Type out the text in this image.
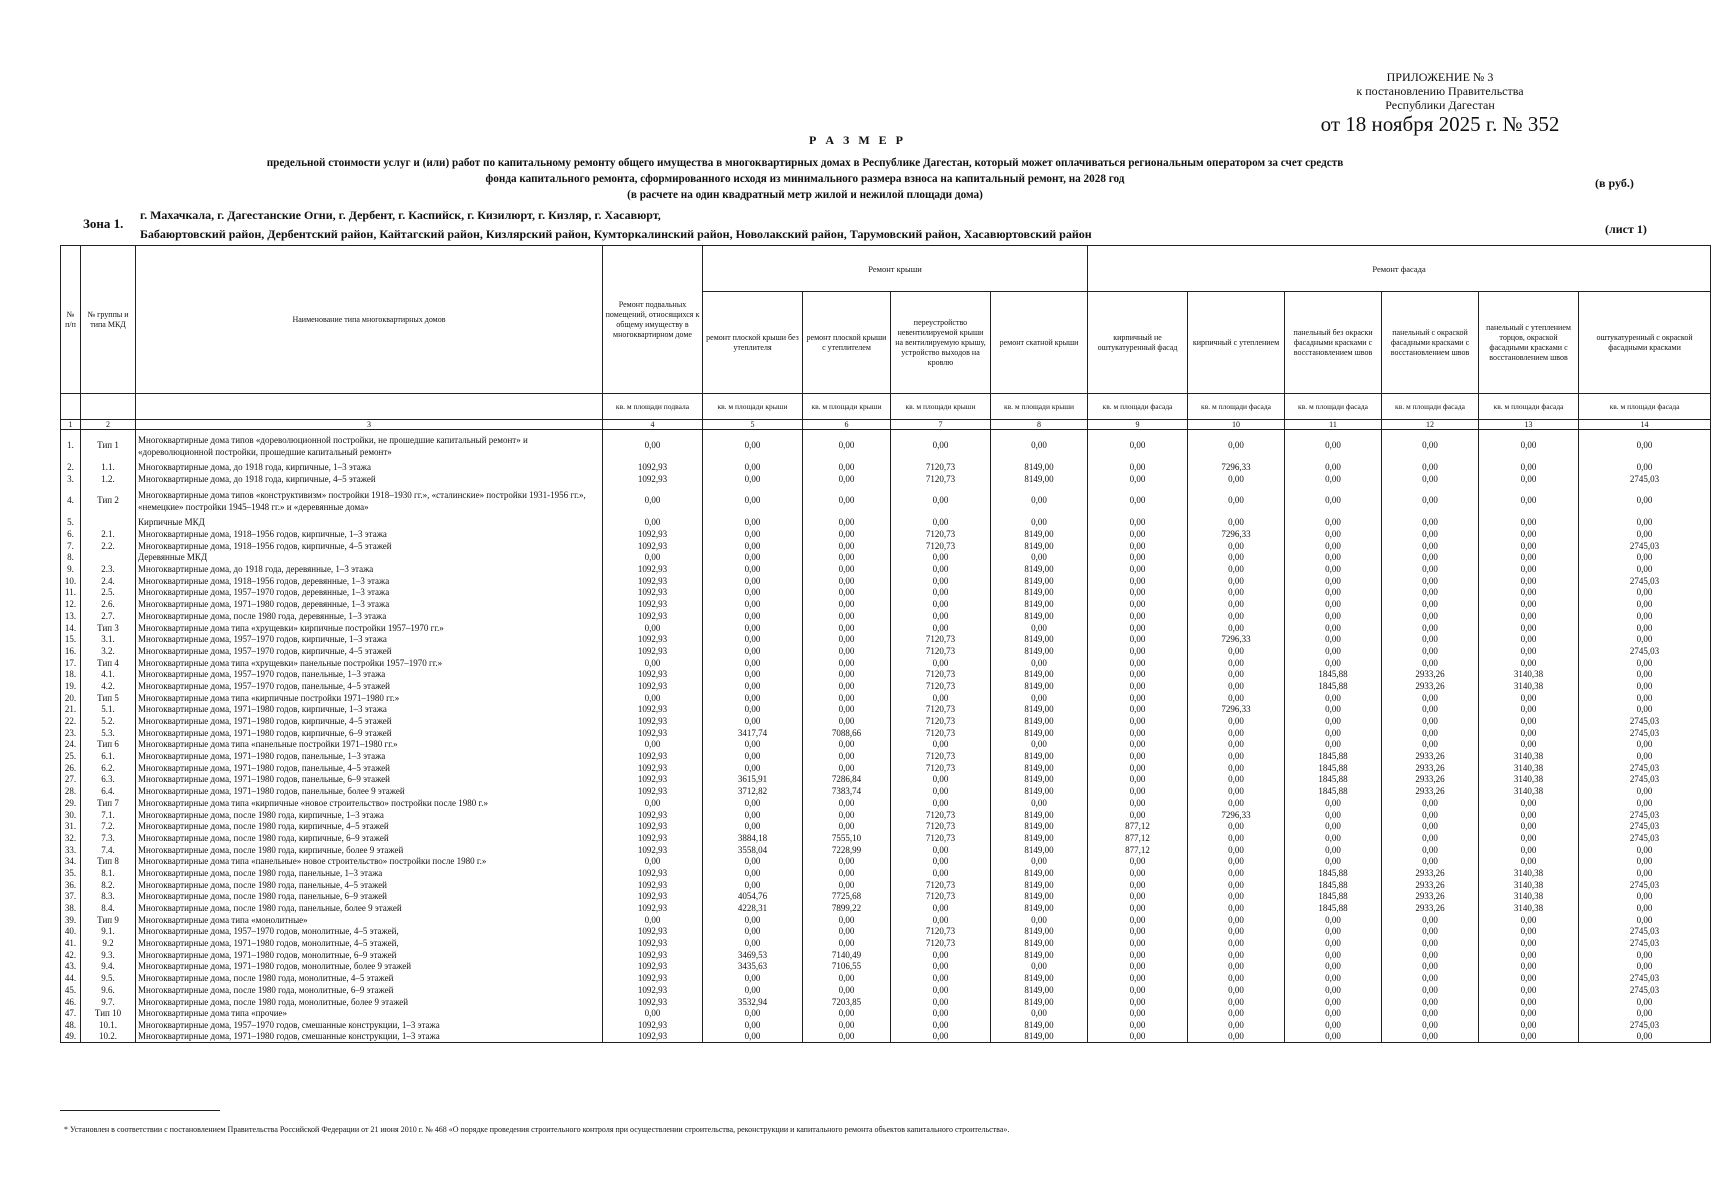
ПРИЛОЖЕНИЕ № 3
к постановлению Правительства
Республики Дагестан
от 18 ноября 2025 г. № 352
Р А З М Е Р
предельной стоимости услуг и (или) работ по капитальному ремонту общего имущества в многоквартирных домах в Республике Дагестан, который может оплачиваться региональным оператором за счет средств
фонда капитального ремонта, сформированного исходя из минимального размера взноса на капитальный ремонт, на 2028 год
(в расчете на один квадратный метр жилой и нежилой площади дома)
(в руб.)
Зона 1.
г. Махачкала, г. Дагестанские Огни, г. Дербент, г. Каспийск, г. Кизилюрт, г. Кизляр, г. Хасавюрт,
Бабаюртовский район, Дербентский район, Кайтагский район, Кизлярский район, Кумторкалинский район, Новолакский район, Тарумовский район, Хасавюртовский район	(лист 1)
№ п/п	№ группы и типа МКД	Наименование типа многоквартирных домов	Ремонт подвальных помещений, относящихся к общему имуществу в многоквартирном доме	Ремонт крыши				Ремонт фасада					
				ремонт плоской крыши без утеплителя	ремонт плоской крыши с утеплителем	переустройство невентилируемой крыши на вентилируемую крышу, устройство выходов на кровлю	ремонт скатной крыши	кирпичный не оштукатуренный фасад	кирпичный с утеплением	панельный без окраски фасадными красками с восстановлением швов	панельный с окраской фасадными красками с восстановлением швов	панельный с утеплением торцов, окраской фасадными красками с восстановлением швов	оштукатуренный с окраской фасадными красками
			кв. м площади подвала	кв. м площади крыши	кв. м площади крыши	кв. м площади крыши	кв. м площади крыши	кв. м площади фасада	кв. м площади фасада	кв. м площади фасада	кв. м площади фасада	кв. м площади фасада	кв. м площади фасада
1	2	3	4	5	6	7	8	9	10	11	12	13	14
1.	Тип 1	Многоквартирные дома типов «дореволюционной постройки, не прошедшие капитальный ремонт» и «дореволюционной постройки, прошедшие капитальный ремонт»	0,00	0,00	0,00	0,00	0,00	0,00	0,00	0,00	0,00	0,00	0,00
2.	1.1.	Многоквартирные дома, до 1918 года, кирпичные, 1–3 этажа	1092,93	0,00	0,00	7120,73	8149,00	0,00	7296,33	0,00	0,00	0,00	0,00
3.	1.2.	Многоквартирные дома, до 1918 года, кирпичные, 4–5 этажей	1092,93	0,00	0,00	7120,73	8149,00	0,00	0,00	0,00	0,00	0,00	2745,03
4.	Тип 2	Многоквартирные дома типов «конструктивизм» постройки 1918–1930 гг.», «сталинские» постройки 1931-1956 гг.», «немецкие» постройки 1945–1948 гг.» и «деревянные дома»	0,00	0,00	0,00	0,00	0,00	0,00	0,00	0,00	0,00	0,00	0,00
5.		Кирпичные МКД	0,00	0,00	0,00	0,00	0,00	0,00	0,00	0,00	0,00	0,00	0,00
6.	2.1.	Многоквартирные дома, 1918–1956 годов, кирпичные, 1–3 этажа	1092,93	0,00	0,00	7120,73	8149,00	0,00	7296,33	0,00	0,00	0,00	0,00
7.	2.2.	Многоквартирные дома, 1918–1956 годов, кирпичные, 4–5 этажей	1092,93	0,00	0,00	7120,73	8149,00	0,00	0,00	0,00	0,00	0,00	2745,03
8.		Деревянные МКД	0,00	0,00	0,00	0,00	0,00	0,00	0,00	0,00	0,00	0,00	0,00
9.	2.3.	Многоквартирные дома, до 1918 года, деревянные, 1–3 этажа	1092,93	0,00	0,00	0,00	8149,00	0,00	0,00	0,00	0,00	0,00	0,00
10.	2.4.	Многоквартирные дома, 1918–1956 годов, деревянные, 1–3 этажа	1092,93	0,00	0,00	0,00	8149,00	0,00	0,00	0,00	0,00	0,00	2745,03
11.	2.5.	Многоквартирные дома, 1957–1970 годов, деревянные, 1–3 этажа	1092,93	0,00	0,00	0,00	8149,00	0,00	0,00	0,00	0,00	0,00	0,00
12.	2.6.	Многоквартирные дома, 1971–1980 годов, деревянные, 1–3 этажа	1092,93	0,00	0,00	0,00	8149,00	0,00	0,00	0,00	0,00	0,00	0,00
13.	2.7.	Многоквартирные дома, после 1980 года, деревянные, 1–3 этажа	1092,93	0,00	0,00	0,00	8149,00	0,00	0,00	0,00	0,00	0,00	0,00
14.	Тип 3	Многоквартирные дома типа «хрущевки» кирпичные постройки 1957–1970 гг.»	0,00	0,00	0,00	0,00	0,00	0,00	0,00	0,00	0,00	0,00	0,00
15.	3.1.	Многоквартирные дома, 1957–1970 годов, кирпичные, 1–3 этажа	1092,93	0,00	0,00	7120,73	8149,00	0,00	7296,33	0,00	0,00	0,00	0,00
16.	3.2.	Многоквартирные дома, 1957–1970 годов, кирпичные, 4–5 этажей	1092,93	0,00	0,00	7120,73	8149,00	0,00	0,00	0,00	0,00	0,00	2745,03
17.	Тип 4	Многоквартирные дома типа «хрущевки» панельные постройки 1957–1970 гг.»	0,00	0,00	0,00	0,00	0,00	0,00	0,00	0,00	0,00	0,00	0,00
18.	4.1.	Многоквартирные дома, 1957–1970 годов, панельные, 1–3 этажа	1092,93	0,00	0,00	7120,73	8149,00	0,00	0,00	1845,88	2933,26	3140,38	0,00
19.	4.2.	Многоквартирные дома, 1957–1970 годов, панельные, 4–5 этажей	1092,93	0,00	0,00	7120,73	8149,00	0,00	0,00	1845,88	2933,26	3140,38	0,00
20.	Тип 5	Многоквартирные дома типа «кирпичные постройки 1971–1980 гг.»	0,00	0,00	0,00	0,00	0,00	0,00	0,00	0,00	0,00	0,00	0,00
21.	5.1.	Многоквартирные дома, 1971–1980 годов, кирпичные, 1–3 этажа	1092,93	0,00	0,00	7120,73	8149,00	0,00	7296,33	0,00	0,00	0,00	0,00
22.	5.2.	Многоквартирные дома, 1971–1980 годов, кирпичные, 4–5 этажей	1092,93	0,00	0,00	7120,73	8149,00	0,00	0,00	0,00	0,00	0,00	2745,03
23.	5.3.	Многоквартирные дома, 1971–1980 годов, кирпичные, 6–9 этажей	1092,93	3417,74	7088,66	7120,73	8149,00	0,00	0,00	0,00	0,00	0,00	2745,03
24.	Тип 6	Многоквартирные дома типа «панельные постройки 1971–1980 гг.»	0,00	0,00	0,00	0,00	0,00	0,00	0,00	0,00	0,00	0,00	0,00
25.	6.1.	Многоквартирные дома, 1971–1980 годов, панельные, 1–3 этажа	1092,93	0,00	0,00	7120,73	8149,00	0,00	0,00	1845,88	2933,26	3140,38	0,00
26.	6.2.	Многоквартирные дома, 1971–1980 годов, панельные, 4–5 этажей	1092,93	0,00	0,00	7120,73	8149,00	0,00	0,00	1845,88	2933,26	3140,38	2745,03
27.	6.3.	Многоквартирные дома, 1971–1980 годов, панельные, 6–9 этажей	1092,93	3615,91	7286,84	0,00	8149,00	0,00	0,00	1845,88	2933,26	3140,38	2745,03
28.	6.4.	Многоквартирные дома, 1971–1980 годов, панельные, более 9 этажей	1092,93	3712,82	7383,74	0,00	8149,00	0,00	0,00	1845,88	2933,26	3140,38	0,00
29.	Тип 7	Многоквартирные дома типа «кирпичные «новое строительство» постройки после 1980 г.»	0,00	0,00	0,00	0,00	0,00	0,00	0,00	0,00	0,00	0,00	0,00
30.	7.1.	Многоквартирные дома, после 1980 года, кирпичные, 1–3 этажа	1092,93	0,00	0,00	7120,73	8149,00	0,00	7296,33	0,00	0,00	0,00	2745,03
31.	7.2.	Многоквартирные дома, после 1980 года, кирпичные, 4–5 этажей	1092,93	0,00	0,00	7120,73	8149,00	877,12	0,00	0,00	0,00	0,00	2745,03
32.	7.3.	Многоквартирные дома, после 1980 года, кирпичные, 6–9 этажей	1092,93	3884,18	7555,10	7120,73	8149,00	877,12	0,00	0,00	0,00	0,00	2745,03
33.	7.4.	Многоквартирные дома, после 1980 года, кирпичные, более 9 этажей	1092,93	3558,04	7228,99	0,00	8149,00	877,12	0,00	0,00	0,00	0,00	0,00
34.	Тип 8	Многоквартирные дома типа «панельные» новое строительство» постройки после 1980 г.»	0,00	0,00	0,00	0,00	0,00	0,00	0,00	0,00	0,00	0,00	0,00
35.	8.1.	Многоквартирные дома, после 1980 года, панельные, 1–3 этажа	1092,93	0,00	0,00	0,00	8149,00	0,00	0,00	1845,88	2933,26	3140,38	0,00
36.	8.2.	Многоквартирные дома, после 1980 года, панельные, 4–5 этажей	1092,93	0,00	0,00	7120,73	8149,00	0,00	0,00	1845,88	2933,26	3140,38	2745,03
37.	8.3.	Многоквартирные дома, после 1980 года, панельные, 6–9 этажей	1092,93	4054,76	7725,68	7120,73	8149,00	0,00	0,00	1845,88	2933,26	3140,38	0,00
38.	8.4.	Многоквартирные дома, после 1980 года, панельные, более 9 этажей	1092,93	4228,31	7899,22	0,00	8149,00	0,00	0,00	1845,88	2933,26	3140,38	0,00
39.	Тип 9	Многоквартирные дома типа «монолитные»	0,00	0,00	0,00	0,00	0,00	0,00	0,00	0,00	0,00	0,00	0,00
40.	9.1.	Многоквартирные дома, 1957–1970 годов, монолитные, 4–5 этажей,	1092,93	0,00	0,00	7120,73	8149,00	0,00	0,00	0,00	0,00	0,00	2745,03
41.	9.2	Многоквартирные дома, 1971–1980 годов, монолитные, 4–5 этажей,	1092,93	0,00	0,00	7120,73	8149,00	0,00	0,00	0,00	0,00	0,00	2745,03
42.	9.3.	Многоквартирные дома, 1971–1980 годов, монолитные, 6–9 этажей	1092,93	3469,53	7140,49	0,00	8149,00	0,00	0,00	0,00	0,00	0,00	0,00
43.	9.4.	Многоквартирные дома, 1971–1980 годов, монолитные, более 9 этажей	1092,93	3435,63	7106,55	0,00	0,00	0,00	0,00	0,00	0,00	0,00	0,00
44.	9.5.	Многоквартирные дома, после 1980 года, монолитные, 4–5 этажей	1092,93	0,00	0,00	0,00	8149,00	0,00	0,00	0,00	0,00	0,00	2745,03
45.	9.6.	Многоквартирные дома, после 1980 года, монолитные, 6–9 этажей	1092,93	0,00	0,00	0,00	8149,00	0,00	0,00	0,00	0,00	0,00	2745,03
46.	9.7.	Многоквартирные дома, после 1980 года, монолитные, более 9 этажей	1092,93	3532,94	7203,85	0,00	8149,00	0,00	0,00	0,00	0,00	0,00	0,00
47.	Тип 10	Многоквартирные дома типа «прочие»	0,00	0,00	0,00	0,00	0,00	0,00	0,00	0,00	0,00	0,00	0,00
48.	10.1.	Многоквартирные дома, 1957–1970 годов, смешанные конструкции, 1–3 этажа	1092,93	0,00	0,00	0,00	8149,00	0,00	0,00	0,00	0,00	0,00	2745,03
49.	10.2.	Многоквартирные дома, 1971–1980 годов, смешанные конструкции, 1–3 этажа	1092,93	0,00	0,00	0,00	8149,00	0,00	0,00	0,00	0,00	0,00	0,00
* Установлен в соответствии с постановлением Правительства Российской Федерации от 21 июня 2010 г. № 468 «О порядке проведения строительного контроля при осуществлении строительства, реконструкции и капитального ремонта объектов капитального строительства».
